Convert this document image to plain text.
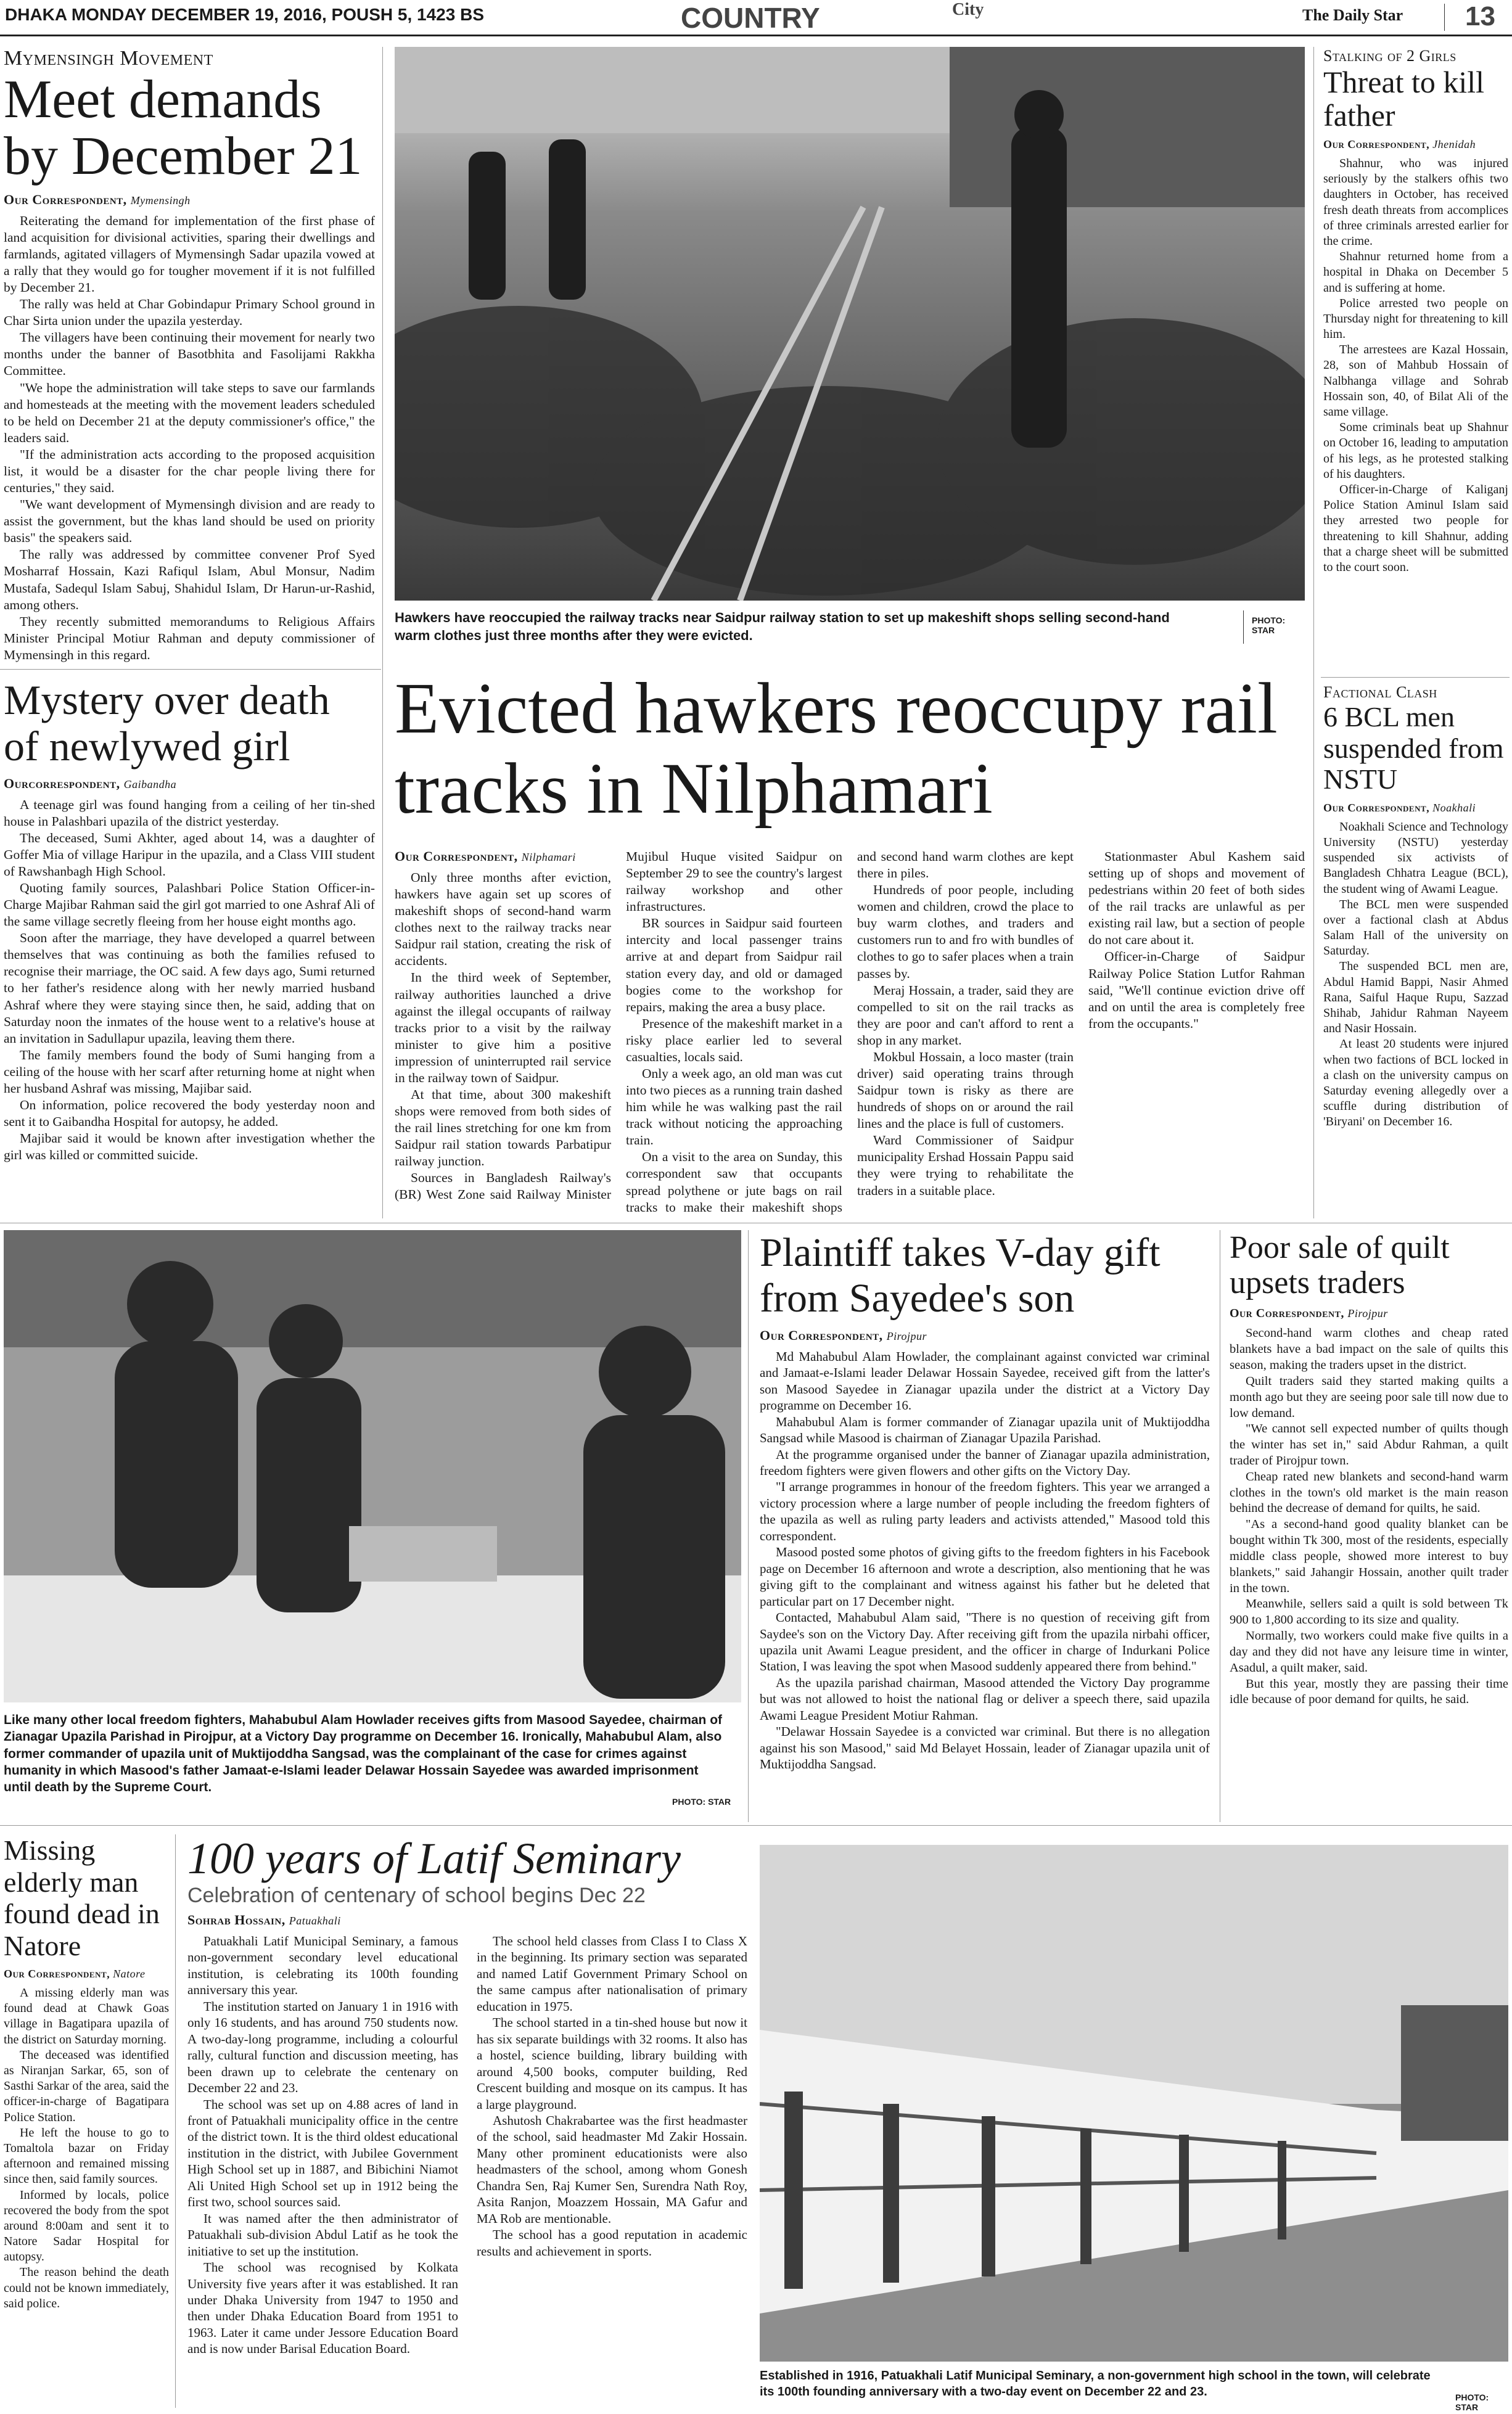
DHAKA MONDAY DECEMBER 19, 2016, POUSH 5, 1423 BS	COUNTRY	City	The Daily Star 13
Mymensingh Movement
Meet demands by December 21
Our Correspondent, Mymensingh

Reiterating the demand for implementation of the first phase of land acquisition for divisional activities, sparing their dwellings and farmlands, agitated villagers of Mymensingh Sadar upazila vowed at a rally that they would go for tougher movement if it is not fulfilled by December 21.

The rally was held at Char Gobindapur Primary School ground in Char Sirta union under the upazila yesterday.

The villagers have been continuing their movement for nearly two months under the banner of Basotbhita and Fasolijami Rakkha Committee.

"We hope the administration will take steps to save our farmlands and homesteads at the meeting with the movement leaders scheduled to be held on December 21 at the deputy commissioner's office," the leaders said.

"If the administration acts according to the proposed acquisition list, it would be a disaster for the char people living there for centuries," they said.

"We want development of Mymensingh division and are ready to assist the government, but the khas land should be used on priority basis" the speakers said.

The rally was addressed by committee convener Prof Syed Mosharraf Hossain, Kazi Rafiqul Islam, Abul Monsur, Nadim Mustafa, Sadequl Islam Sabuj, Shahidul Islam, Dr Harun-ur-Rashid, among others.

They recently submitted memorandums to Religious Affairs Minister Principal Motiur Rahman and deputy commissioner of Mymensingh in this regard.

Mystery over death of newlywed girl
Ourcorrespondent, Gaibandha

A teenage girl was found hanging from a ceiling of her tin-shed house in Palashbari upazila of the district yesterday.

The deceased, Sumi Akhter, aged about 14, was a daughter of Goffer Mia of village Haripur in the upazila, and a Class VIII student of Rawshanbagh High School.

Quoting family sources, Palashbari Police Station Officer-in-Charge Majibar Rahman said the girl got married to one Ashraf Ali of the same village secretly fleeing from her house eight months ago.

Soon after the marriage, they have developed a quarrel between themselves that was continuing as both the families refused to recognise their marriage, the OC said. A few days ago, Sumi returned to her father's residence along with her newly married husband Ashraf where they were staying since then, he said, adding that on Saturday noon the inmates of the house went to a relative's house at an invitation in Sadullapur upazila, leaving them there.

The family members found the body of Sumi hanging from a ceiling of the house with her scarf after returning home at night when her husband Ashraf was missing, Majibar said.

On information, police recovered the body yesterday noon and sent it to Gaibandha Hospital for autopsy, he added.

Majibar said it would be known after investigation whether the girl was killed or committed suicide.

Hawkers have reoccupied the railway tracks near Saidpur railway station to set up makeshift shops selling second-hand warm clothes just three months after they were evicted.
PHOTO: STAR
Evicted hawkers reoccupy rail tracks in Nilphamari
Our Correspondent, Nilphamari

Only three months after eviction, hawkers have again set up scores of makeshift shops of second-hand warm clothes next to the railway tracks near Saidpur rail station, creating the risk of accidents.

In the third week of September, railway authorities launched a drive against the illegal occupants of railway tracks prior to a visit by the railway minister to give him a positive impression of uninterrupted rail service in the railway town of Saidpur.

At that time, about 300 makeshift shops were removed from both sides of the rail lines stretching for one km from Saidpur rail station towards Parbatipur railway junction.

Sources in Bangladesh Railway's (BR) West Zone said Railway Minister Mujibul Huque visited Saidpur on September 29 to see the country's largest railway workshop and other infrastructures.

BR sources in Saidpur said fourteen intercity and local passenger trains arrive at and depart from Saidpur rail station every day, and old or damaged bogies come to the workshop for repairs, making the area a busy place.

Presence of the makeshift market in a risky place earlier led to several casualties, locals said.

Only a week ago, an old man was cut into two pieces as a running train dashed him while he was walking past the rail track without noticing the approaching train.

On a visit to the area on Sunday, this correspondent saw that occupants spread polythene or jute bags on rail tracks to make their makeshift shops and second hand warm clothes are kept there in piles.

Hundreds of poor people, including women and children, crowd the place to buy warm clothes, and traders and customers run to and fro with bundles of clothes to go to safer places when a train passes by.

Meraj Hossain, a trader, said they are compelled to sit on the rail tracks as they are poor and can't afford to rent a shop in any market.

Mokbul Hossain, a loco master (train driver) said operating trains through Saidpur town is risky as there are hundreds of shops on or around the rail lines and the place is full of customers.

Ward Commissioner of Saidpur municipality Ershad Hossain Pappu said they were trying to rehabilitate the traders in a suitable place.

Stationmaster Abul Kashem said setting up of shops and movement of pedestrians within 20 feet of both sides of the rail tracks are unlawful as per existing rail law, but a section of people do not care about it.

Officer-in-Charge of Saidpur Railway Police Station Lutfor Rahman said, "We'll continue eviction drive off and on until the area is completely free from the occupants."

Stalking of 2 Girls
Threat to kill father
Our Correspondent, Jhenidah

Shahnur, who was injured seriously by the stalkers ofhis two daughters in October, has received fresh death threats from accomplices of three criminals arrested earlier for the crime.

Shahnur returned home from a hospital in Dhaka on December 5 and is suffering at home.

Police arrested two people on Thursday night for threatening to kill him.

The arrestees are Kazal Hossain, 28, son of Mahbub Hossain of Nalbhanga village and Sohrab Hossain son, 40, of Bilat Ali of the same village.

Some criminals beat up Shahnur on October 16, leading to amputation of his legs, as he protested stalking of his daughters.

Officer-in-Charge of Kaliganj Police Station Aminul Islam said they arrested two people for threatening to kill Shahnur, adding that a charge sheet will be submitted to the court soon.

Factional Clash
6 BCL men suspended from NSTU
Our Correspondent, Noakhali

Noakhali Science and Technology University (NSTU) yesterday suspended six activists of Bangladesh Chhatra League (BCL), the student wing of Awami League.

The BCL men were suspended over a factional clash at Abdus Salam Hall of the university on Saturday.

The suspended BCL men are, Abdul Hamid Bappi, Nasir Ahmed Rana, Saiful Haque Rupu, Sazzad Shihab, Jahidur Rahman Nayeem and Nasir Hossain.

At least 20 students were injured when two factions of BCL locked in a clash on the university campus on Saturday evening allegedly over a scuffle during distribution of 'Biryani' on December 16.

Like many other local freedom fighters, Mahabubul Alam Howlader receives gifts from Masood Sayedee, chairman of Zianagar Upazila Parishad in Pirojpur, at a Victory Day programme on December 16. Ironically, Mahabubul Alam, also former commander of upazila unit of Muktijoddha Sangsad, was the complainant of the case for crimes against humanity in which Masood's father Jamaat-e-Islami leader Delawar Hossain Sayedee was awarded imprisonment until death by the Supreme Court.
PHOTO: STAR
Plaintiff takes V-day gift from Sayedee's son
Our Correspondent, Pirojpur

Md Mahabubul Alam Howlader, the complainant against convicted war criminal and Jamaat-e-Islami leader Delawar Hossain Sayedee, received gift from the latter's son Masood Sayedee in Zianagar upazila under the district at a Victory Day programme on December 16.

Mahabubul Alam is former commander of Zianagar upazila unit of Muktijoddha Sangsad while Masood is chairman of Zianagar Upazila Parishad.

At the programme organised under the banner of Zianagar upazila administration, freedom fighters were given flowers and other gifts on the Victory Day.

"I arrange programmes in honour of the freedom fighters. This year we arranged a victory procession where a large number of people including the freedom fighters of the upazila as well as ruling party leaders and activists attended," Masood told this correspondent.

Masood posted some photos of giving gifts to the freedom fighters in his Facebook page on December 16 afternoon and wrote a description, also mentioning that he was giving gift to the complainant and witness against his father but he deleted that particular part on 17 December night.

Contacted, Mahabubul Alam said, "There is no question of receiving gift from Saydee's son on the Victory Day. After receiving gift from the upazila nirbahi officer, upazila unit Awami League president, and the officer in charge of Indurkani Police Station, I was leaving the spot when Masood suddenly appeared there from behind."

As the upazila parishad chairman, Masood attended the Victory Day programme but was not allowed to hoist the national flag or deliver a speech there, said upazila Awami League President Motiur Rahman.

"Delawar Hossain Sayedee is a convicted war criminal. But there is no allegation against his son Masood," said Md Belayet Hossain, leader of Zianagar upazila unit of Muktijoddha Sangsad.

Poor sale of quilt upsets traders
Our Correspondent, Pirojpur

Second-hand warm clothes and cheap rated blankets have a bad impact on the sale of quilts this season, making the traders upset in the district.

Quilt traders said they started making quilts a month ago but they are seeing poor sale till now due to low demand.

"We cannot sell expected number of quilts though the winter has set in," said Abdur Rahman, a quilt trader of Pirojpur town.

Cheap rated new blankets and second-hand warm clothes in the town's old market is the main reason behind the decrease of demand for quilts, he said.

"As a second-hand good quality blanket can be bought within Tk 300, most of the residents, especially middle class people, showed more interest to buy blankets," said Jahangir Hossain, another quilt trader in the town.

Meanwhile, sellers said a quilt is sold between Tk 900 to 1,800 according to its size and quality.

Normally, two workers could make five quilts in a day and they did not have any leisure time in winter, Asadul, a quilt maker, said.

But this year, mostly they are passing their time idle because of poor demand for quilts, he said.

Missing elderly man found dead in Natore
Our Correspondent, Natore

A missing elderly man was found dead at Chawk Goas village in Bagatipara upazila of the district on Saturday morning.

The deceased was identified as Niranjan Sarkar, 65, son of Sasthi Sarkar of the area, said the officer-in-charge of Bagatipara Police Station.

He left the house to go to Tomaltola bazar on Friday afternoon and remained missing since then, said family sources.

Informed by locals, police recovered the body from the spot around 8:00am and sent it to Natore Sadar Hospital for autopsy.

The reason behind the death could not be known immediately, said police.

100 years of Latif Seminary
Celebration of centenary of school begins Dec 22
Sohrab Hossain, Patuakhali

Patuakhali Latif Municipal Seminary, a famous non-government secondary level educational institution, is celebrating its 100th founding anniversary this year.

The institution started on January 1 in 1916 with only 16 students, and has around 750 students now. A two-day-long programme, including a colourful rally, cultural function and discussion meeting, has been drawn up to celebrate the centenary on December 22 and 23.

The school was set up on 4.88 acres of land in front of Patuakhali municipality office in the centre of the district town. It is the third oldest educational institution in the district, with Jubilee Government High School set up in 1887, and Bibichini Niamot Ali United High School set up in 1912 being the first two, school sources said.

It was named after the then administrator of Patuakhali sub-division Abdul Latif as he took the initiative to set up the institution.

The school was recognised by Kolkata University five years after it was established. It ran under Dhaka University from 1947 to 1950 and then under Dhaka Education Board from 1951 to 1963. Later it came under Jessore Education Board and is now under Barisal Education Board.

The school held classes from Class I to Class X in the beginning. Its primary section was separated and named Latif Government Primary School on the same campus after nationalisation of primary education in 1975.

The school started in a tin-shed house but now it has six separate buildings with 32 rooms. It also has a hostel, science building, library building with around 4,500 books, computer building, Red Crescent building and mosque on its campus. It has a large playground.

Ashutosh Chakrabartee was the first headmaster of the school, said headmaster Md Zakir Hossain. Many other prominent educationists were also headmasters of the school, among whom Gonesh Chandra Sen, Raj Kumer Sen, Surendra Nath Roy, Asita Ranjon, Moazzem Hossain, MA Gafur and MA Rob are mentionable.

The school has a good reputation in academic results and achievement in sports.

Established in 1916, Patuakhali Latif Municipal Seminary, a non-government high school in the town, will celebrate its 100th founding anniversary with a two-day event on December 22 and 23.	PHOTO: STAR
